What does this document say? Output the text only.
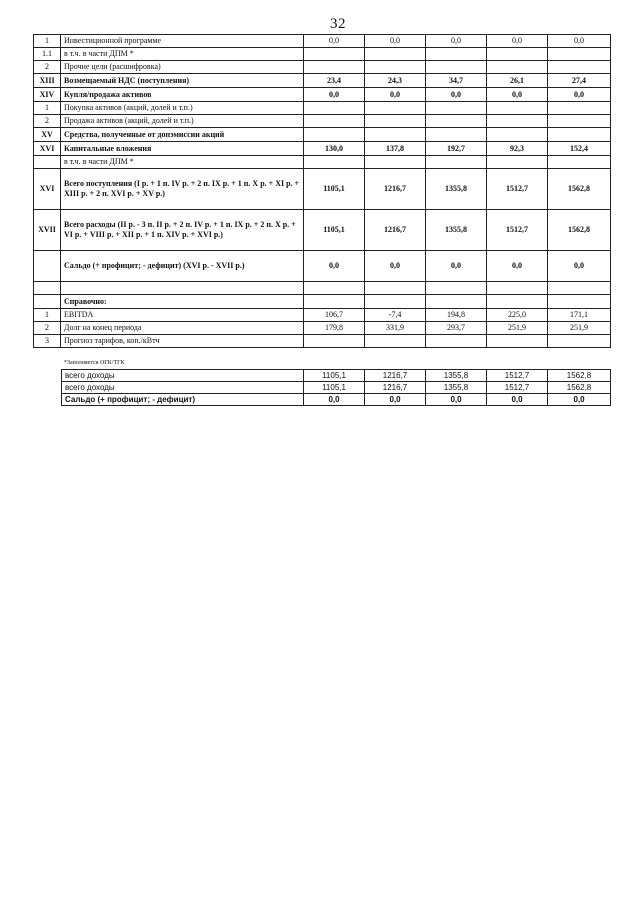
32
1	Инвестиционной программе	0,0	0,0	0,0	0,0	0,0
1.1	в т.ч. в части ДПМ *					
2	Прочие цели (расшифровка)					
XIII	Возмещаемый НДС (поступления)	23,4	24,3	34,7	26,1	27,4
XIV	Купля/продажа активов	0,0	0,0	0,0	0,0	0,0
1	Покупка активов (акций, долей и т.п.)					
2	Продажа активов (акций, долей и т.п.)					
XV	Средства, полученные от допэмиссии акций					
XVI	Капитальные вложения	130,0	137,8	192,7	92,3	152,4
	в т.ч. в части ДПМ *					
XVI	Всего поступления (I р. + 1 п. IV р. + 2 п. IX р. + 1 п. X р. + XI р. + XIII р. + 2 п. XVI р. + XV р.)	1105,1	1216,7	1355,8	1512,7	1562,8
XVII	Всего расходы (II р. - 3 п. II р. + 2 п. IV р. + 1 п. IX р. + 2 п. X р. + VI р. + VIII р. + XII р. + 1 п. XIV р. + XVI р.)	1105,1	1216,7	1355,8	1512,7	1562,8
	Сальдо (+ профицит; - дефицит) (XVI р. - XVII р.)	0,0	0,0	0,0	0,0	0,0

	Справочно:					
1	EBITDA	106,7	-7,4	194,8	225,0	171,1
2	Долг на конец периода	179,8	331,9	293,7	251,9	251,9
3	Прогноз тарифов, коп./кВтч					
*Заполняется ОГК/ТГК
всего доходы	1105,1	1216,7	1355,8	1512,7	1562,8
всего доходы	1105,1	1216,7	1355,8	1512,7	1562,8
Сальдо (+ профицит; - дефицит)	0,0	0,0	0,0	0,0	0,0
